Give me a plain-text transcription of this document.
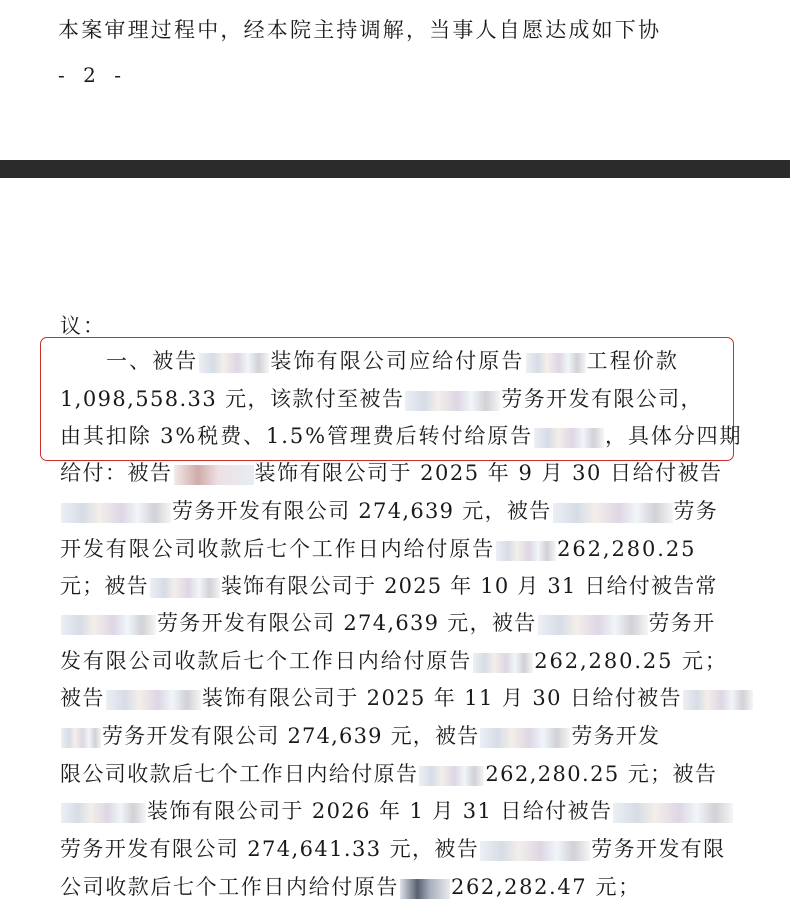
本案审理过程中，经本院主持调解，当事人自愿达成如下协
- 2 -
议：
一、被告	装饰有限公司应给付原告	工程价款
1,098,558.33 元，该款付至被告	劳务开发有限公司，
由其扣除 3%税费、1.5%管理费后转付给原告	，具体分四期
给付：被告	装饰有限公司于 2025 年 9 月 30 日给付被告
劳务开发有限公司 274,639 元，被告	劳务
开发有限公司收款后七个工作日内给付原告	262,280.25
元；被告	装饰有限公司于 2025 年 10 月 31 日给付被告常
劳务开发有限公司 274,639 元，被告	劳务开
发有限公司收款后七个工作日内给付原告	262,280.25 元；
被告	装饰有限公司于 2025 年 11 月 30 日给付被告
劳务开发有限公司 274,639 元，被告	劳务开发
限公司收款后七个工作日内给付原告	262,280.25 元；被告
装饰有限公司于 2026 年 1 月 31 日给付被告
劳务开发有限公司 274,641.33 元，被告	劳务开发有限
公司收款后七个工作日内给付原告 262,282.47 元；
